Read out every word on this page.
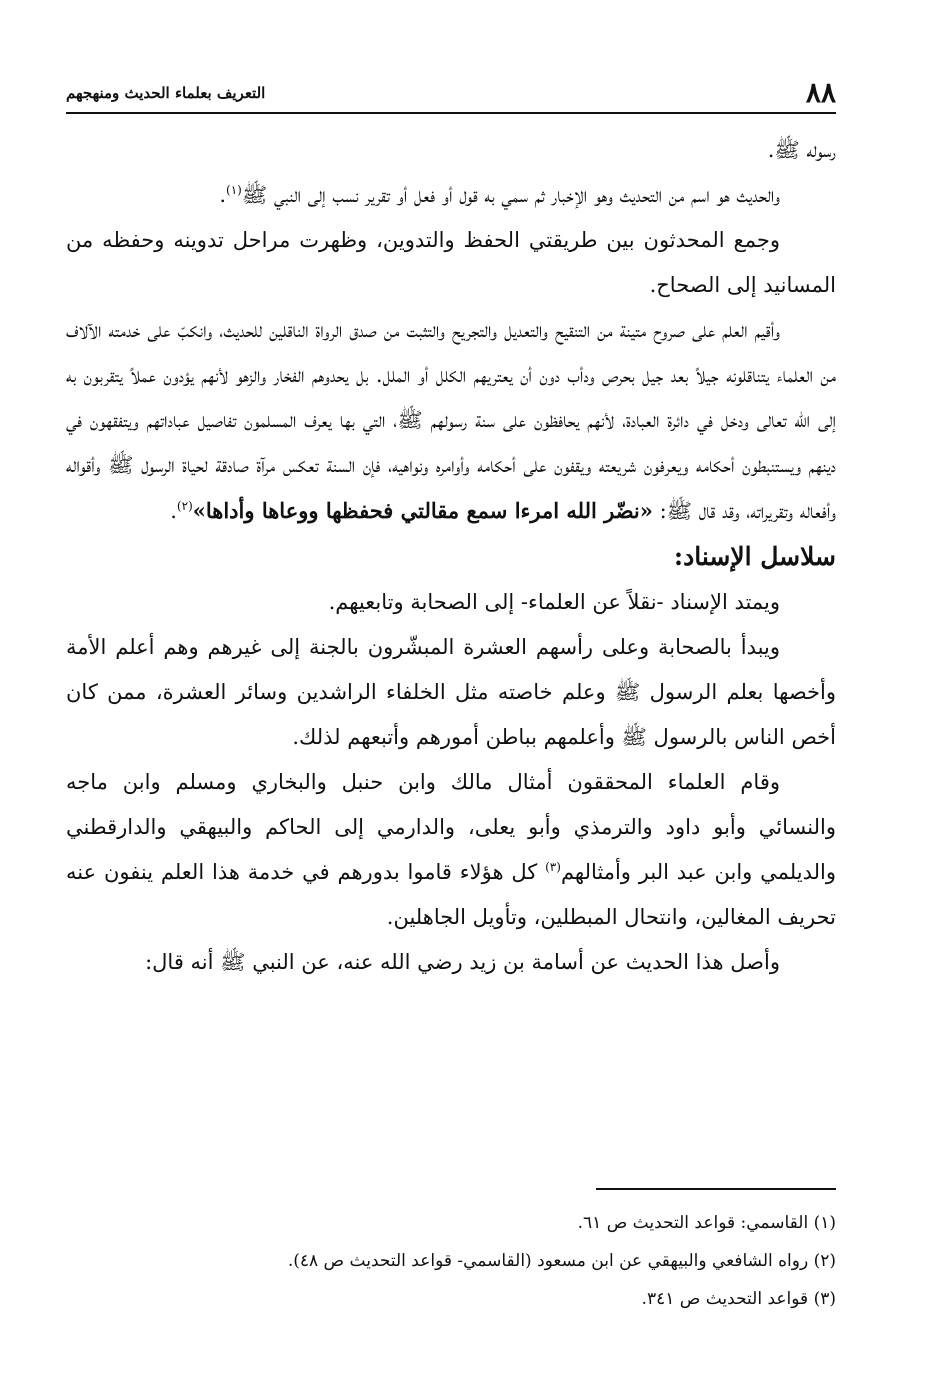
٨٨
التعريف بعلماء الحديث ومنهجهم

رسوله ﷺ.

والحديث هو اسم من التحديث وهو الإخبار ثم سمي به قول أو فعل أو تقرير نسب إلى النبي ﷺ$^{(١)}$.

وجمع المحدثون بين طريقتي الحفظ والتدوين، وظهرت مراحل تدوينه وحفظه من المسانيد إلى الصحاح.

وأقيم العلم على صروح متينة من التنقيح والتعديل والتجريح والتثبت من صدق الرواة الناقلين للحديث، وانكبّ على خدمته الآلاف من العلماء يتناقلونه جيلاً بعد جيل بحرص ودأب دون أن يعتريهم الكلل أو الملل. بل يحدوهم الفخار والزهو لأنهم يؤدون عملاً يتقربون به إلى الله تعالى ودخل في دائرة العبادة، لأنهم يحافظون على سنة رسولهم ﷺ، التي بها يعرف المسلمون تفاصيل عباداتهم ويتفقهون في دينهم ويستنبطون أحكامه ويعرفون شريعته ويقفون على أحكامه وأوامره ونواهيه، فإن السنة تعكس مرآة صادقة لحياة الرسول ﷺ وأقواله وأفعاله وتقريراته، وقد قال ﷺ: «نضّر الله امرءا سمع مقالتي فحفظها ووعاها وأداها»$^{(٢)}$.

سلاسل الإسناد:

ويمتد الإسناد -نقلاً عن العلماء- إلى الصحابة وتابعيهم.

ويبدأ بالصحابة وعلى رأسهم العشرة المبشّرون بالجنة إلى غيرهم وهم أعلم الأمة وأخصها بعلم الرسول ﷺ وعلم خاصته مثل الخلفاء الراشدين وسائر العشرة، ممن كان أخص الناس بالرسول ﷺ وأعلمهم بباطن أمورهم وأتبعهم لذلك.

وقام العلماء المحققون أمثال مالك وابن حنبل والبخاري ومسلم وابن ماجه والنسائي وأبو داود والترمذي وأبو يعلى، والدارمي إلى الحاكم والبيهقي والدارقطني والديلمي وابن عبد البر وأمثالهم$^{(٣)}$ كل هؤلاء قاموا بدورهم في خدمة هذا العلم ينفون عنه تحريف المغالين، وانتحال المبطلين، وتأويل الجاهلين.

وأصل هذا الحديث عن أسامة بن زيد رضي الله عنه، عن النبي ﷺ أنه قال:

(١) القاسمي: قواعد التحديث ص ٦١.

(٢) رواه الشافعي والبيهقي عن ابن مسعود (القاسمي- قواعد التحديث ص ٤٨).

(٣) قواعد التحديث ص ٣٤١.
